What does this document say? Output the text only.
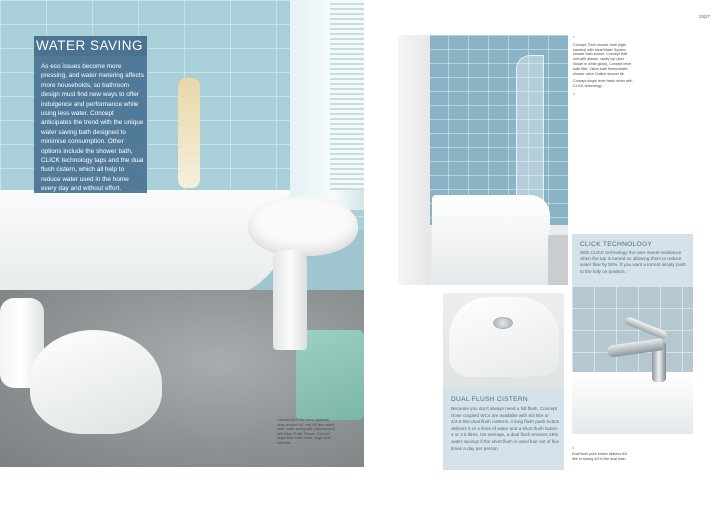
Concept Arc 5 litre basin, pedestal, close coupled WC with 4/6 litre cistern, bidet, water saving bath (right handed) with Move Profile Shower, Concept single lever basin mixer, single lever bath filler.
WATER SAVING
As eco issues become more pressing, and water metering affects more households, so bathroom design must find new ways to offer indulgence and performance while using less water. Concept anticipates the trend with the unique water saving bath designed to minimise consumption. Other options include the shower bath, CLICK technology taps and the dual flush cistern, which all help to reduce water used in the home every day and without effort.
26|27

<

Concept 70cm shower bath (right handed) with Ideal Water System shower bath screen. Concept Half unit with drawer, vanity top (also shown in white gloss), Concept lever bath filler, Vision bath thermostatic shower valve Outline shower kit.

Concept single lever basin mixer with CLICK technology

>

CLICK TECHNOLOGY
With CLICK technology the user meets resistance when the tap is turned on allowing them to reduce water flow by 50%. If you want a torrent simply push to the fully on position.
DUAL FLUSH CISTERN
Because you don't always need a full flush, Concept close coupled WCs are available with 6/4 litre or 4/2.6 litre dual flush cisterns. A long flush push button delivers 6 or 4 litres of water and a short flush button 4 or 2.6 litres. On average, a dual flush ensures 25% water savings if the short flush is used four out of five times a day per person.	<

Dual flush push button delivers 6/4 litre or saving 4/2.6 litre dual flush
